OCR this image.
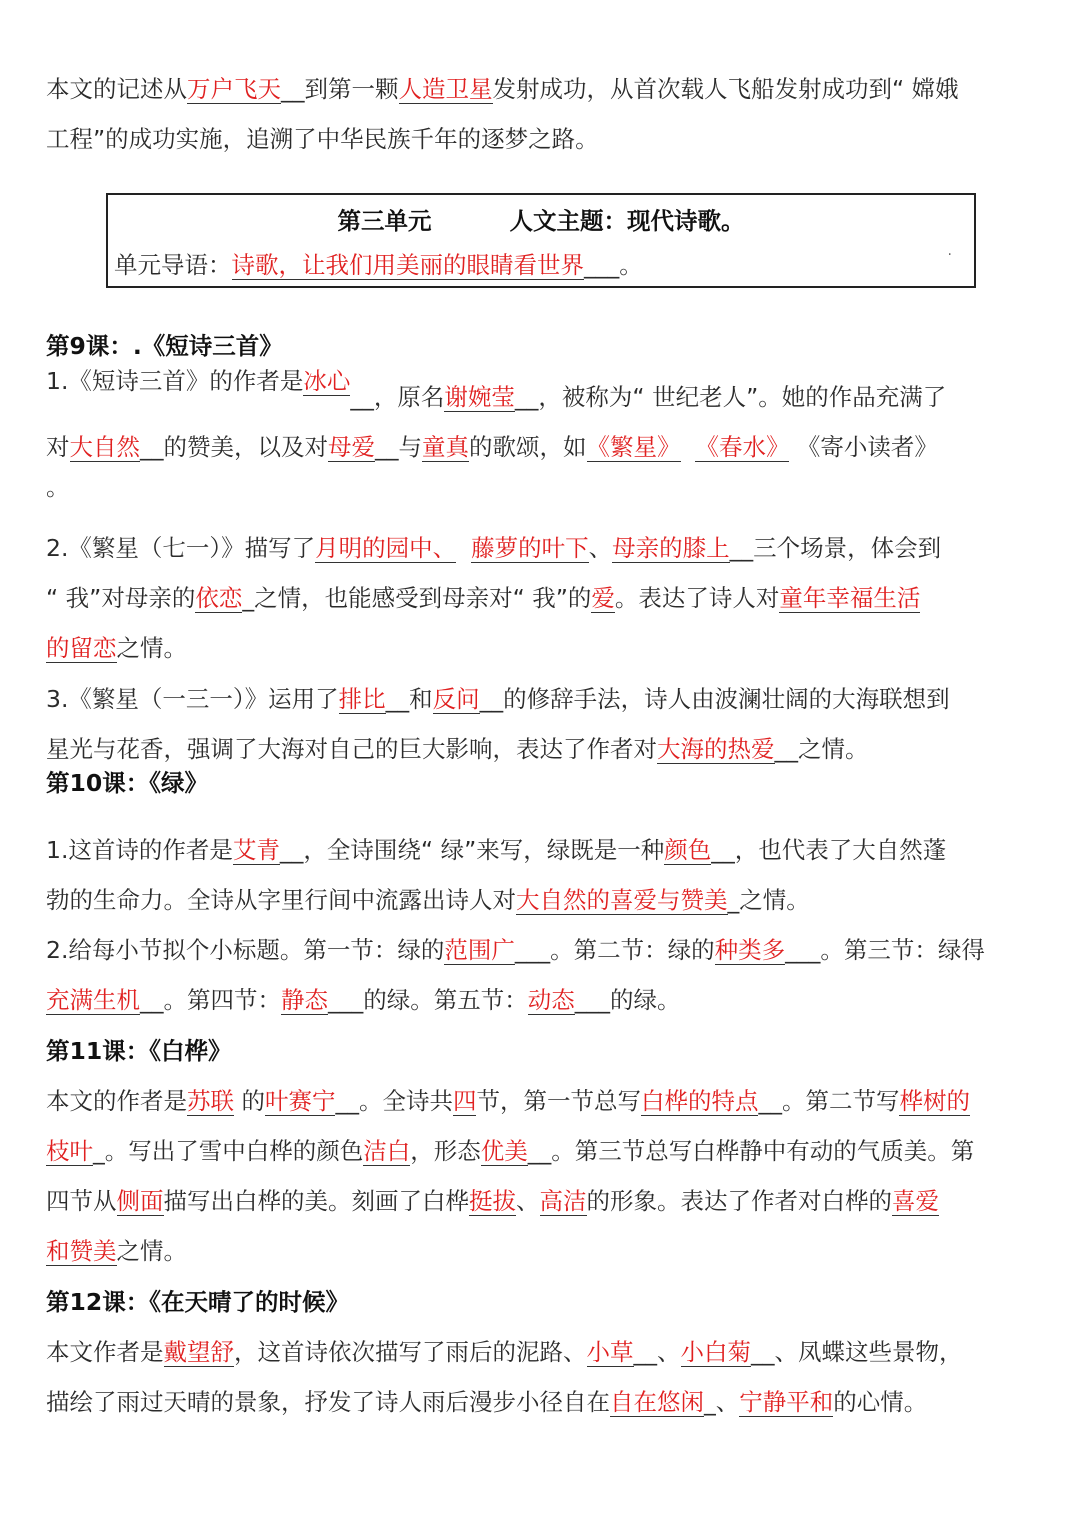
本文的记述从万户飞天__到第一颗人造卫星发射成功，从首次载人飞船发射成功到“ 嫦娥
工程”的成功实施，追溯了中华民族千年的逐梦之路。
第三单元	人文主题：现代诗歌。
单元导语：诗歌，让我们用美丽的眼睛看世界___。	·
第9课：.《短诗三首》
1.《短诗三首》的作者是冰心
__，原名谢婉莹__，被称为“ 世纪老人”。她的作品充满了
对大自然__的赞美，以及对母爱__与童真的歌颂，如《繁星》 《春水》 《寄小读者》
。
2.《繁星（七一）》描写了月明的园中、 藤萝的叶下、母亲的膝上__三个场景，体会到
“ 我”对母亲的依恋_之情，也能感受到母亲对“ 我”的爱。表达了诗人对童年幸福生活
的留恋之情。
3.《繁星（一三一）》运用了排比__和反问__的修辞手法，诗人由波澜壮阔的大海联想到
星光与花香，强调了大海对自己的巨大影响，表达了作者对大海的热爱__之情。
第10课：《绿》
1.这首诗的作者是艾青__，全诗围绕“ 绿”来写，绿既是一种颜色__，也代表了大自然蓬
勃的生命力。全诗从字里行间中流露出诗人对大自然的喜爱与赞美_之情。
2.给每小节拟个小标题。第一节：绿的范围广___。第二节：绿的种类多___。第三节：绿得
充满生机__。第四节：静态___的绿。第五节：动态___的绿。
第11课：《白桦》
本文的作者是苏联 的叶赛宁__。全诗共四节，第一节总写白桦的特点__。第二节写桦树的
枝叶_。写出了雪中白桦的颜色洁白，形态优美__。第三节总写白桦静中有动的气质美。第
四节从侧面描写出白桦的美。刻画了白桦挺拔、高洁的形象。表达了作者对白桦的喜爱
和赞美之情。
第12课：《在天晴了的时候》
本文作者是戴望舒，这首诗依次描写了雨后的泥路、小草__、小白菊__、凤蝶这些景物，
描绘了雨过天晴的景象，抒发了诗人雨后漫步小径自在自在悠闲_、宁静平和的心情。
